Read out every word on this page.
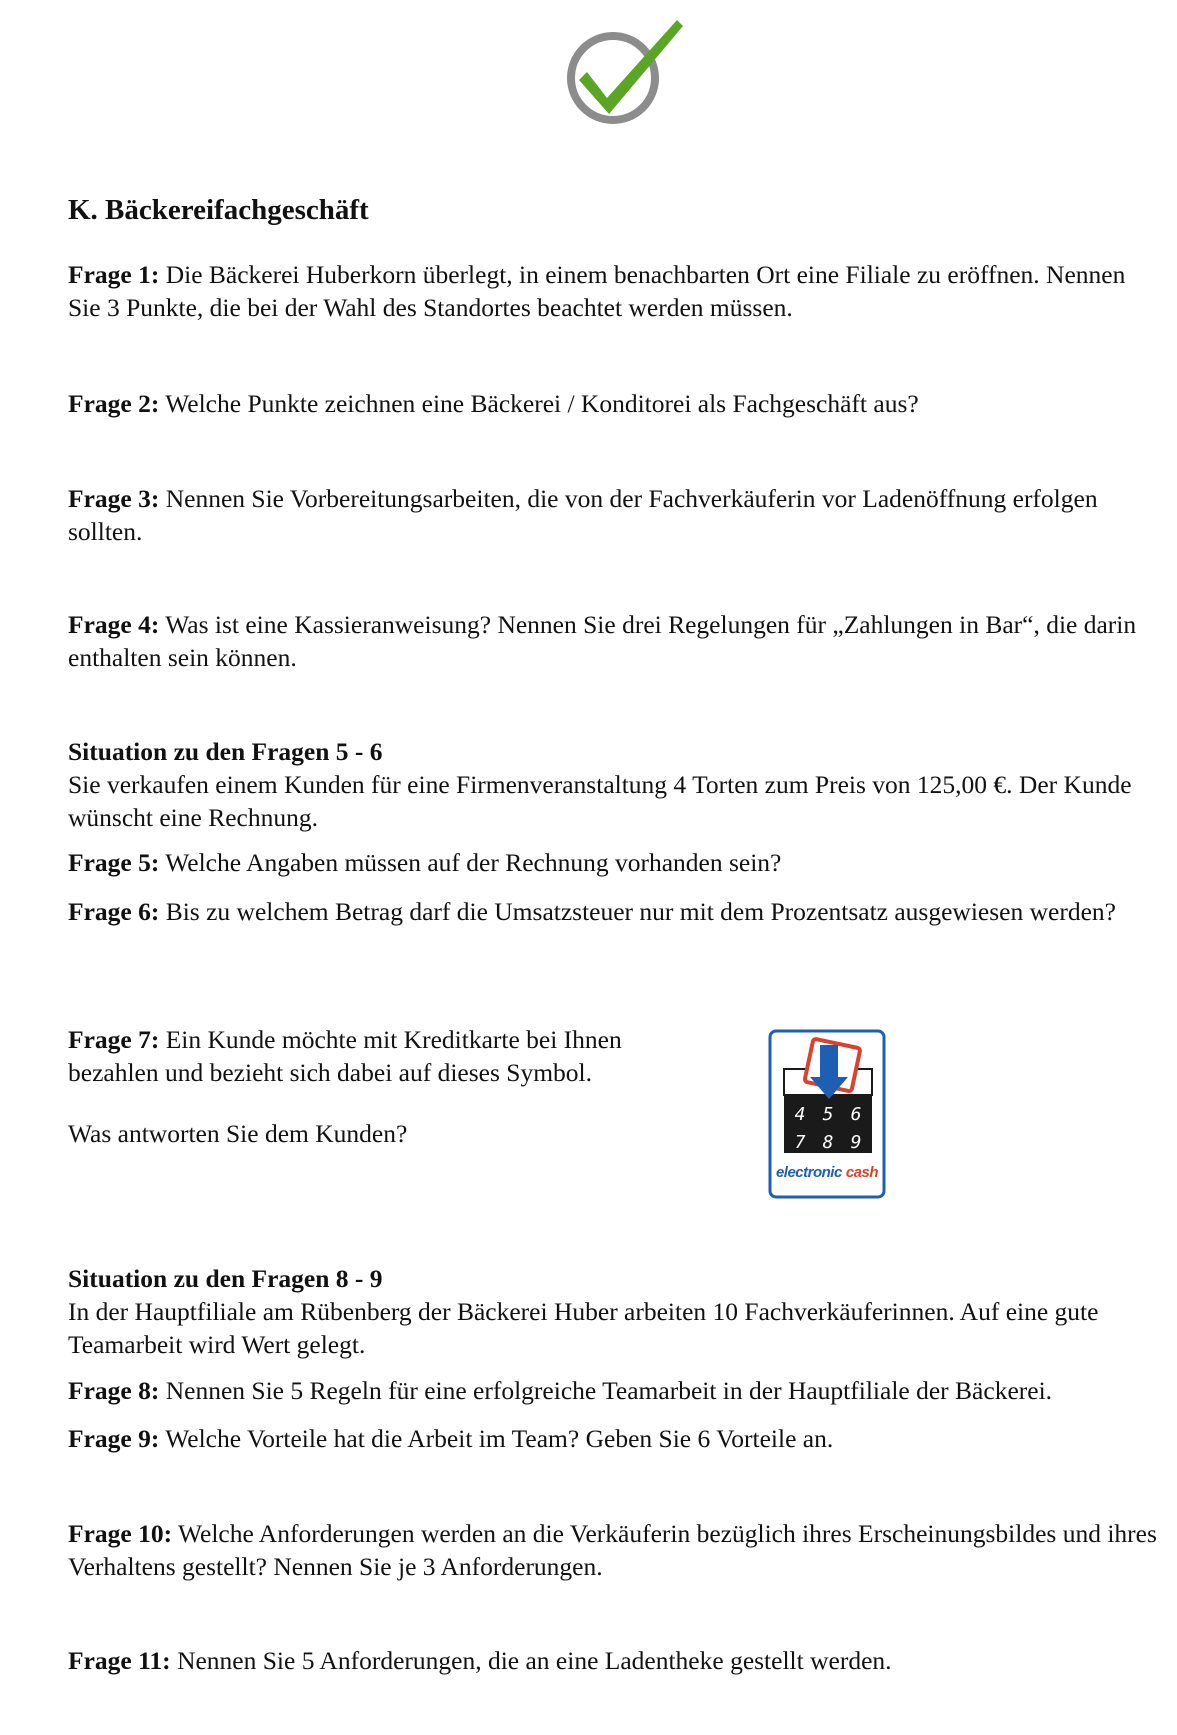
K. Bäckereifachgeschäft

Frage 1: Die Bäckerei Huberkorn überlegt, in einem benachbarten Ort eine Filiale zu eröffnen. Nennen Sie 3 Punkte, die bei der Wahl des Standortes beachtet werden müssen.

Frage 2: Welche Punkte zeichnen eine Bäckerei / Konditorei als Fachgeschäft aus?

Frage 3: Nennen Sie Vorbereitungsarbeiten, die von der Fachverkäuferin vor Ladenöffnung erfolgen sollten.

Frage 4: Was ist eine Kassieranweisung? Nennen Sie drei Regelungen für „Zahlungen in Bar“, die darin enthalten sein können.

Situation zu den Fragen 5 - 6
Sie verkaufen einem Kunden für eine Firmenveranstaltung 4 Torten zum Preis von 125,00 €. Der Kunde wünscht eine Rechnung.

Frage 5: Welche Angaben müssen auf der Rechnung vorhanden sein?

Frage 6: Bis zu welchem Betrag darf die Umsatzsteuer nur mit dem Prozentsatz ausgewiesen werden?

Frage 7: Ein Kunde möchte mit Kreditkarte bei Ihnen bezahlen und bezieht sich dabei auf dieses Symbol.

Was antworten Sie dem Kunden?

4 5 6
7 8 9
electronic cash

Situation zu den Fragen 8 - 9
In der Hauptfiliale am Rübenberg der Bäckerei Huber arbeiten 10 Fachverkäuferinnen. Auf eine gute Teamarbeit wird Wert gelegt.

Frage 8: Nennen Sie 5 Regeln für eine erfolgreiche Teamarbeit in der Hauptfiliale der Bäckerei.

Frage 9: Welche Vorteile hat die Arbeit im Team? Geben Sie 6 Vorteile an.

Frage 10: Welche Anforderungen werden an die Verkäuferin bezüglich ihres Erscheinungsbildes und ihres Verhaltens gestellt? Nennen Sie je 3 Anforderungen.

Frage 11: Nennen Sie 5 Anforderungen, die an eine Ladentheke gestellt werden.
